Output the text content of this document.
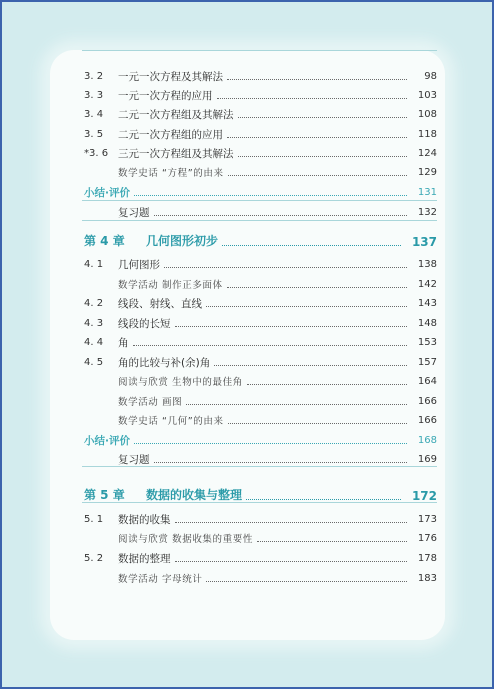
3. 2 一元一次方程及其解法	98
3. 3 一元一次方程的应用	103
3. 4 二元一次方程组及其解法	108
3. 5 二元一次方程组的应用	118
*3. 6 三元一次方程组及其解法	124
数学史话 “方程”的由来	129
小结·评价	131
复习题	132
第 4 章 几何图形初步	137
4. 1 几何图形	138
数学活动 制作正多面体	142
4. 2 线段、射线、直线	143
4. 3 线段的长短	148
4. 4 角	153
4. 5 角的比较与补(余)角	157
阅读与欣赏 生物中的最佳角	164
数学活动 画图	166
数学史话 “几何”的由来	166
小结·评价	168
复习题	169
第 5 章 数据的收集与整理	172
5. 1 数据的收集	173
阅读与欣赏 数据收集的重要性	176
5. 2 数据的整理	178
数学活动 字母统计	183
